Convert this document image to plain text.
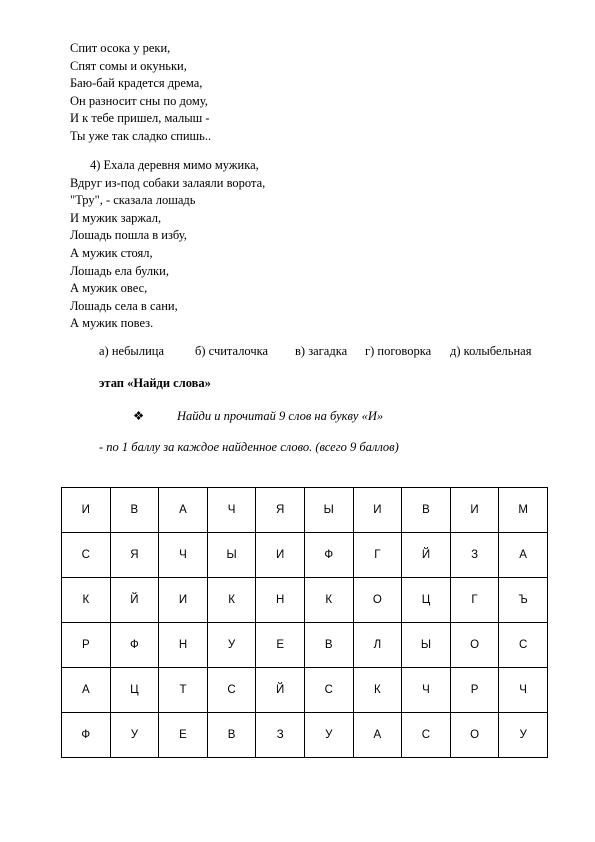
Спит осока у реки,
Спят сомы и окуньки,
Баю-бай крадется дрема,
Он разносит сны по дому,
И к тебе пришел, малыш -
Ты уже так сладко спишь..
4) Ехала деревня мимо мужика,
Вдруг из-под собаки залаяли ворота,
"Тру", - сказала лошадь
И мужик заржал,
Лошадь пошла в избу,
А мужик стоял,
Лошадь ела булки,
А мужик овес,
Лошадь села в сани,
А мужик повез.
а) небылица б) считалочка в) загадка г) поговорка д) колыбельная
этап «Найди слова»
❖	Найди и прочитай 9 слов на букву «И»
- по 1 баллу за каждое найденное слово. (всего 9 баллов)
И	В	А	Ч	Я	Ы	И	В	И	М
С	Я	Ч	Ы	И	Ф	Г	Й	З	А
К	Й	И	К	Н	К	О	Ц	Г	Ъ
Р	Ф	Н	У	Е	В	Л	Ы	О	С
А	Ц	Т	С	Й	С	К	Ч	Р	Ч
Ф	У	Е	В	З	У	А	С	О	У
